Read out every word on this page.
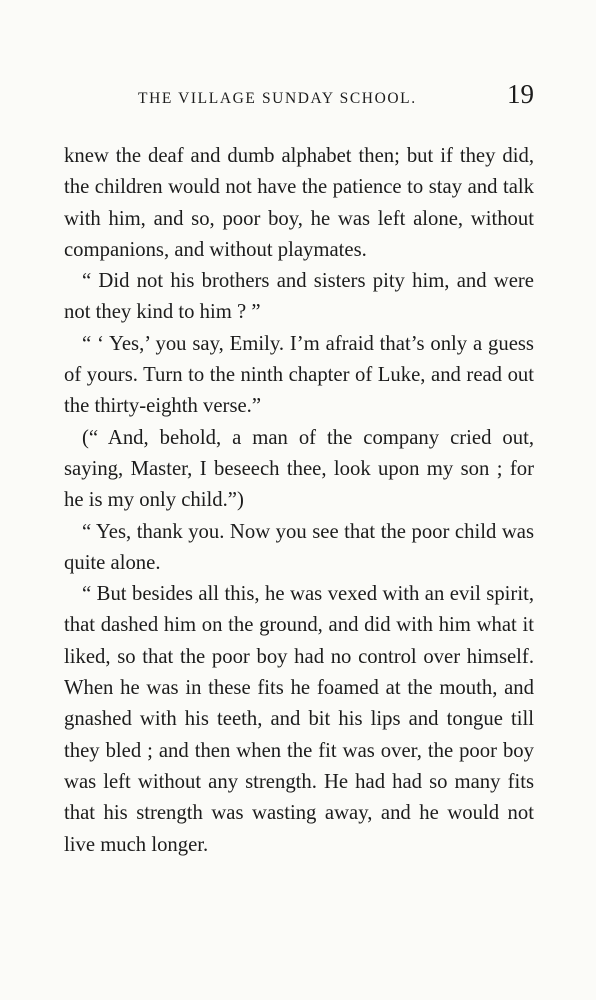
THE VILLAGE SUNDAY SCHOOL.	19

knew the deaf and dumb alphabet then; but if they did, the children would not have the patience to stay and talk with him, and so, poor boy, he was left alone, without companions, and without playmates.

“ Did not his brothers and sisters pity him, and were not they kind to him ? ”

“ ‘ Yes,’ you say, Emily. I’m afraid that’s only a guess of yours. Turn to the ninth chapter of Luke, and read out the thirty-eighth verse.”

(“ And, behold, a man of the company cried out, saying, Master, I beseech thee, look upon my son ; for he is my only child.”)

“ Yes, thank you. Now you see that the poor child was quite alone.

“ But besides all this, he was vexed with an evil spirit, that dashed him on the ground, and did with him what it liked, so that the poor boy had no control over himself. When he was in these fits he foamed at the mouth, and gnashed with his teeth, and bit his lips and tongue till they bled ; and then when the fit was over, the poor boy was left without any strength. He had had so many fits that his strength was wasting away, and he would not live much longer.
